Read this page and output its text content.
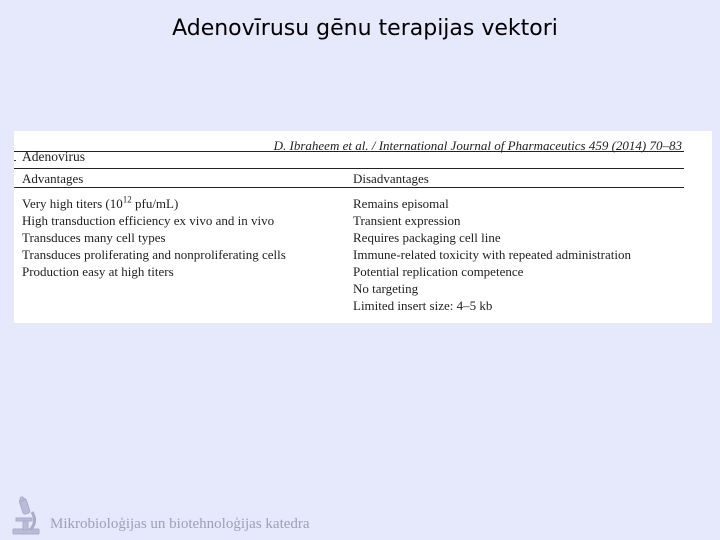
Adenovīrusu gēnu terapijas vektori
D. Ibraheem et al. / International Journal of Pharmaceutics 459 (2014) 70–83
Adenovirus
Advantages	Disadvantages
Very high titers ($10^{12}$ pfu/mL)
High transduction efficiency ex vivo and in vivo
Transduces many cell types
Transduces proliferating and nonproliferating cells
Production easy at high titers
Remains episomal
Transient expression
Requires packaging cell line
Immune-related toxicity with repeated administration
Potential replication competence
No targeting
Limited insert size: 4–5 kb
Mikrobioloģijas un biotehnoloģijas katedra
